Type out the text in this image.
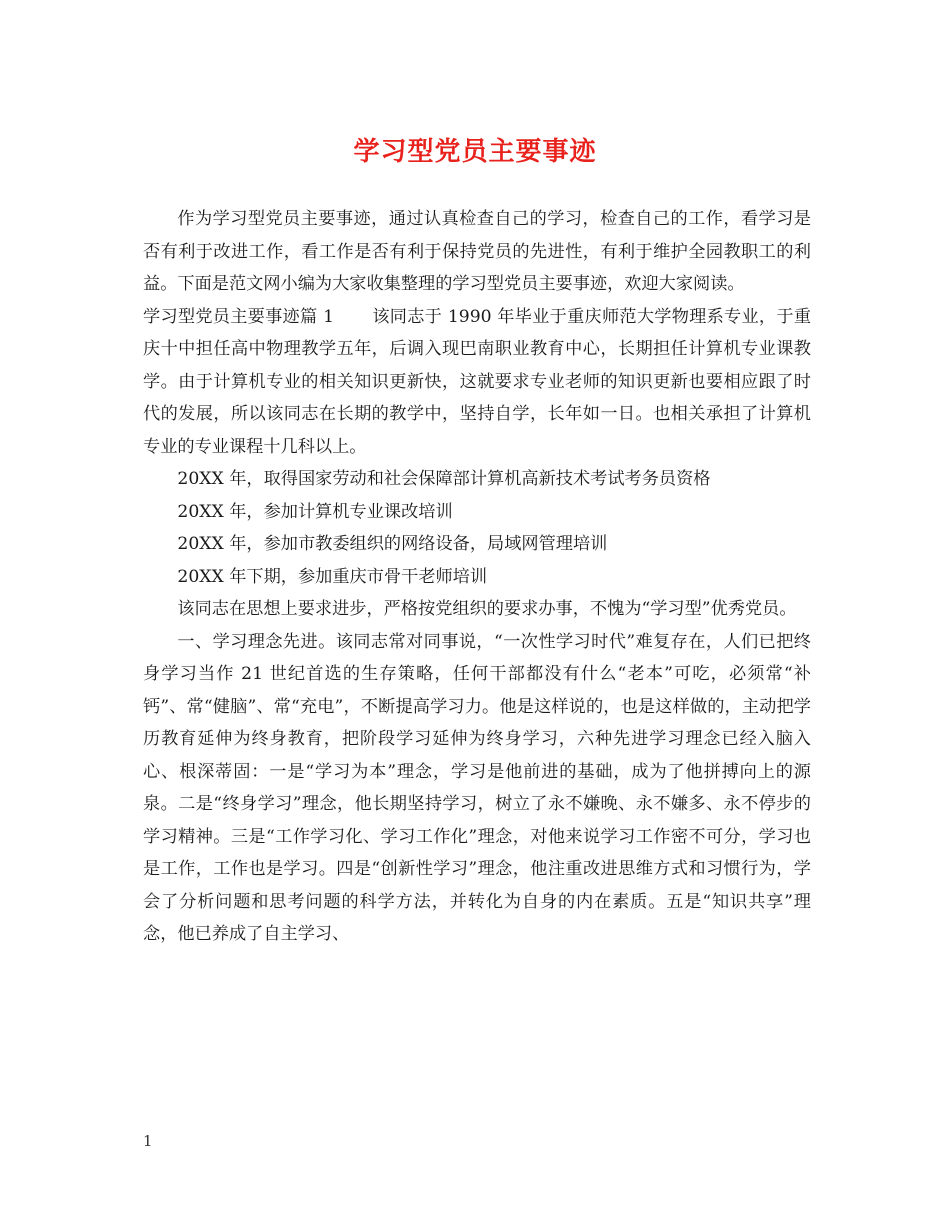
学习型党员主要事迹

作为学习型党员主要事迹，通过认真检查自己的学习，检查自己的工作，看学习是否有利于改进工作，看工作是否有利于保持党员的先进性，有利于维护全园教职工的利益。下面是范文网小编为大家收集整理的学习型党员主要事迹，欢迎大家阅读。

学习型党员主要事迹篇 1 该同志于 1990 年毕业于重庆师范大学物理系专业，于重庆十中担任高中物理教学五年，后调入现巴南职业教育中心，长期担任计算机专业课教学。由于计算机专业的相关知识更新快，这就要求专业老师的知识更新也要相应跟了时代的发展，所以该同志在长期的教学中，坚持自学，长年如一日。也相关承担了计算机专业的专业课程十几科以上。

20XX 年，取得国家劳动和社会保障部计算机高新技术考试考务员资格

20XX 年，参加计算机专业课改培训

20XX 年，参加市教委组织的网络设备，局域网管理培训

20XX 年下期，参加重庆市骨干老师培训

该同志在思想上要求进步，严格按党组织的要求办事，不愧为“学习型”优秀党员。

一、学习理念先进。该同志常对同事说，“一次性学习时代”难复存在，人们已把终身学习当作 21 世纪首选的生存策略，任何干部都没有什么“老本”可吃，必须常“补钙”、常“健脑”、常“充电”，不断提高学习力。他是这样说的，也是这样做的，主动把学历教育延伸为终身教育，把阶段学习延伸为终身学习，六种先进学习理念已经入脑入心、根深蒂固：一是“学习为本”理念，学习是他前进的基础，成为了他拼搏向上的源泉。二是“终身学习”理念，他长期坚持学习，树立了永不嫌晚、永不嫌多、永不停步的学习精神。三是“工作学习化、学习工作化”理念，对他来说学习工作密不可分，学习也是工作，工作也是学习。四是“创新性学习”理念，他注重改进思维方式和习惯行为，学会了分析问题和思考问题的科学方法，并转化为自身的内在素质。五是“知识共享”理念，他已养成了自主学习、

1
